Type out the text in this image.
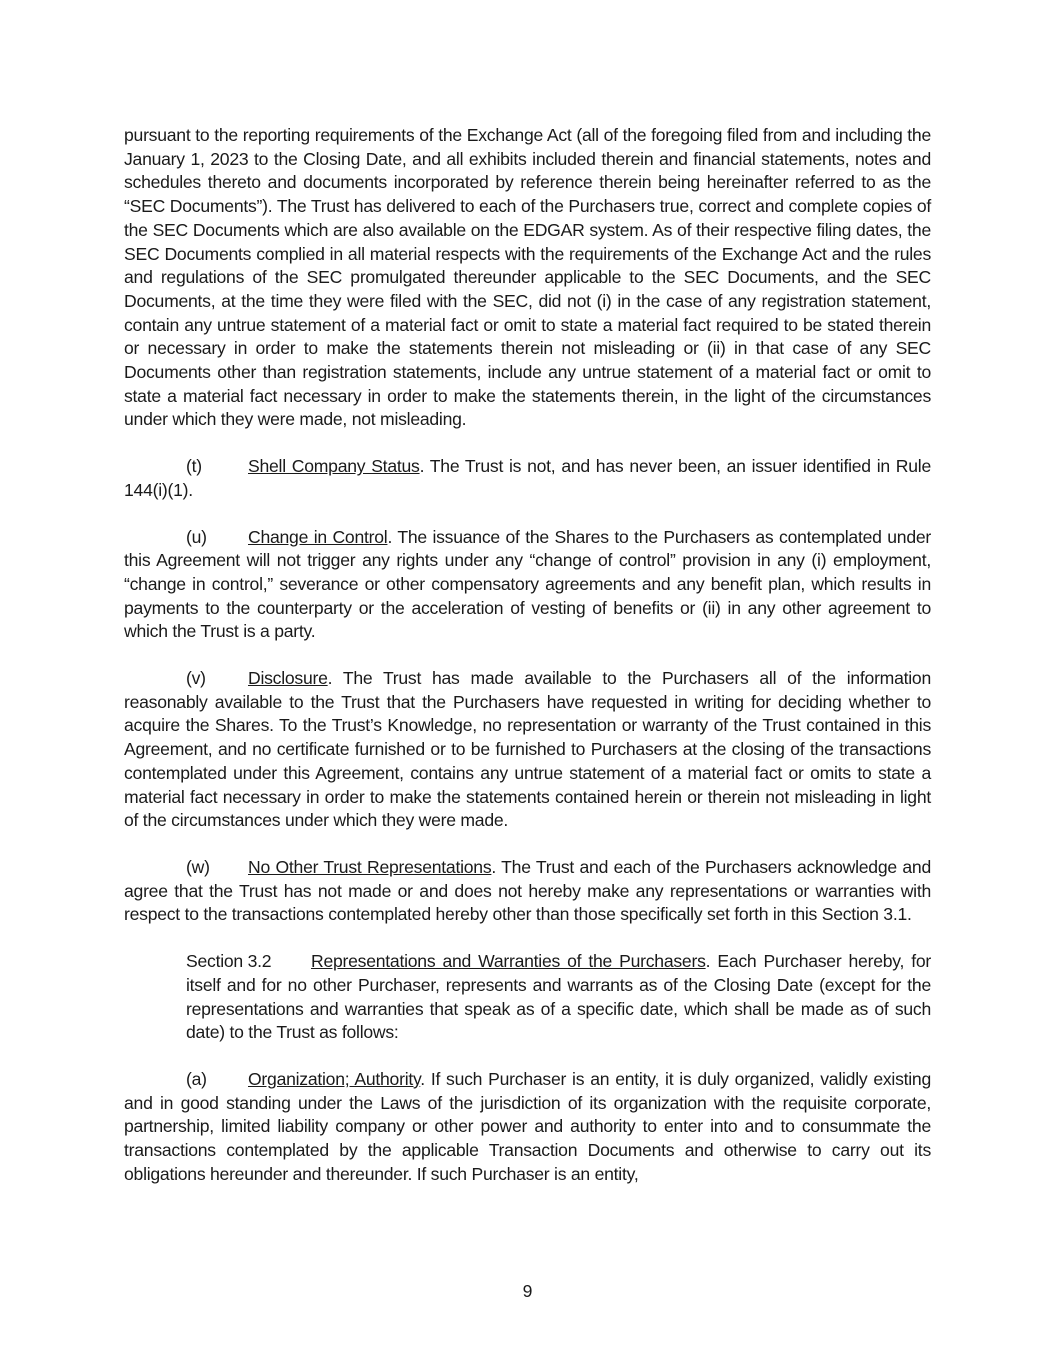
pursuant to the reporting requirements of the Exchange Act (all of the foregoing filed from and including the January 1, 2023 to the Closing Date, and all exhibits included therein and financial statements, notes and schedules thereto and documents incorporated by reference therein being hereinafter referred to as the “SEC Documents”). The Trust has delivered to each of the Purchasers true, correct and complete copies of the SEC Documents which are also available on the EDGAR system. As of their respective filing dates, the SEC Documents complied in all material respects with the requirements of the Exchange Act and the rules and regulations of the SEC promulgated thereunder applicable to the SEC Documents, and the SEC Documents, at the time they were filed with the SEC, did not (i) in the case of any registration statement, contain any untrue statement of a material fact or omit to state a material fact required to be stated therein or necessary in order to make the statements therein not misleading or (ii) in that case of any SEC Documents other than registration statements, include any untrue statement of a material fact or omit to state a material fact necessary in order to make the statements therein, in the light of the circumstances under which they were made, not misleading.

(t)	Shell Company Status. The Trust is not, and has never been, an issuer identified in Rule 144(i)(1).

(u) Change in Control. The issuance of the Shares to the Purchasers as contemplated under this Agreement will not trigger any rights under any “change of control” provision in any (i) employment, “change in control,” severance or other compensatory agreements and any benefit plan, which results in payments to the counterparty or the acceleration of vesting of benefits or (ii) in any other agreement to which the Trust is a party.

(v) Disclosure. The Trust has made available to the Purchasers all of the information reasonably available to the Trust that the Purchasers have requested in writing for deciding whether to acquire the Shares. To the Trust’s Knowledge, no representation or warranty of the Trust contained in this Agreement, and no certificate furnished or to be furnished to Purchasers at the closing of the transactions contemplated under this Agreement, contains any untrue statement of a material fact or omits to state a material fact necessary in order to make the statements contained herein or therein not misleading in light of the circumstances under which they were made.

(w) No Other Trust Representations. The Trust and each of the Purchasers acknowledge and agree that the Trust has not made or and does not hereby make any representations or warranties with respect to the transactions contemplated hereby other than those specifically set forth in this Section 3.1.

Section 3.2 Representations and Warranties of the Purchasers. Each Purchaser hereby, for itself and for no other Purchaser, represents and warrants as of the Closing Date (except for the representations and warranties that speak as of a specific date, which shall be made as of such date) to the Trust as follows:

(a) Organization; Authority. If such Purchaser is an entity, it is duly organized, validly existing and in good standing under the Laws of the jurisdiction of its organization with the requisite corporate, partnership, limited liability company or other power and authority to enter into and to consummate the transactions contemplated by the applicable Transaction Documents and otherwise to carry out its obligations hereunder and thereunder. If such Purchaser is an entity,

9
